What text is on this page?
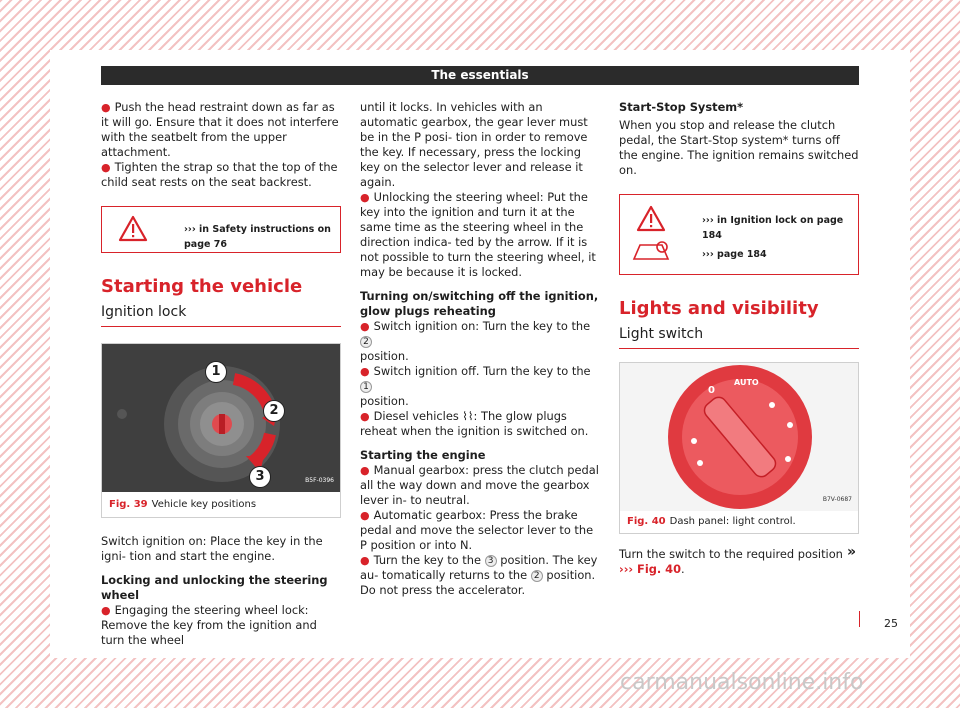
The essentials

● Push the head restraint down as far as it will go. Ensure that it does not interfere with the seatbelt from the upper attachment.

● Tighten the strap so that the top of the child seat rests on the seat backrest.

››› in Safety instructions on page 76
Starting the vehicle
Ignition lock
1
2
3	B5F-0396
Fig. 39 Vehicle key positions

Switch ignition on: Place the key in the igni- tion and start the engine.

Locking and unlocking the steering wheel

● Engaging the steering wheel lock: Remove the key from the ignition and turn the wheel

until it locks. In vehicles with an automatic gearbox, the gear lever must be in the P posi- tion in order to remove the key. If necessary, press the locking key on the selector lever and release it again.

● Unlocking the steering wheel: Put the key into the ignition and turn it at the same time as the steering wheel in the direction indica- ted by the arrow. If it is not possible to turn the steering wheel, it may be because it is locked.

Turning on/switching off the ignition, glow plugs reheating

● Switch ignition on: Turn the key to the 2
position.

● Switch ignition off. Turn the key to the 1
position.

● Diesel vehicles ⌇⌇: The glow plugs reheat when the ignition is switched on.

Starting the engine

● Manual gearbox: press the clutch pedal all the way down and move the gearbox lever in- to neutral.

● Automatic gearbox: Press the brake pedal and move the selector lever to the P position or into N.

● Turn the key to the 3 position. The key au- tomatically returns to the 2 position. Do not press the accelerator.

Start-Stop System*

When you stop and release the clutch pedal, the Start-Stop system* turns off the engine. The ignition remains switched on.

››› in Ignition lock on page 184
››› page 184
Lights and visibility
Light switch
0
AUTO
B7V-0687
Fig. 40 Dash panel: light control.

Turn the switch to the required position
››› Fig. 40.
»

25
carmanualsonline.info
